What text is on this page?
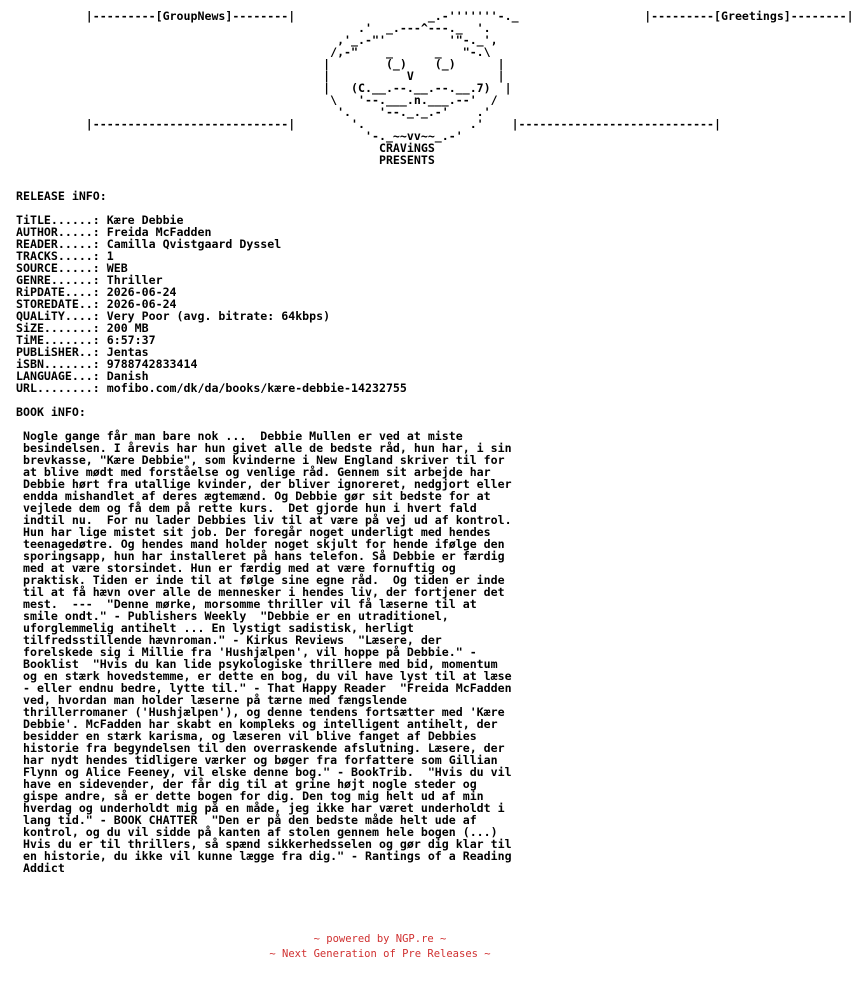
|---------[GroupNews]--------|                   _.-'''''''-._                  |---------[Greetings]--------|
.'  _.---^---._  '.
,'_.-"'         '"-._',
/,-"    _      _   "-.\
|        (_)    (_)      |
|           V            |
|   (C.__.--.__.--.__.7)  |
\   '--.___.n.___.--'  /
'.    '--._._.-'    .'
|----------------------------|        '.               .'    |----------------------------|
'-._~~vv~~_.-'
CRAViNGS
PRESENTS

RELEASE iNFO:

TiTLE......: Kære Debbie
AUTHOR.....: Freida McFadden
READER.....: Camilla Qvistgaard Dyssel
TRACKS.....: 1
SOURCE.....: WEB
GENRE......: Thriller
RiPDATE....: 2026-06-24
STOREDATE..: 2026-06-24
QUALiTY....: Very Poor (avg. bitrate: 64kbps)
SiZE.......: 200 MB
TiME.......: 6:57:37
PUBLiSHER..: Jentas
iSBN.......: 9788742833414
LANGUAGE...: Danish
URL........: mofibo.com/dk/da/books/kære-debbie-14232755

BOOK iNFO:

Nogle gange får man bare nok ...  Debbie Mullen er ved at miste
besindelsen. I årevis har hun givet alle de bedste råd, hun har, i sin
brevkasse, "Kære Debbie", som kvinderne i New England skriver til for
at blive mødt med forståelse og venlige råd. Gennem sit arbejde har
Debbie hørt fra utallige kvinder, der bliver ignoreret, nedgjort eller
endda mishandlet af deres ægtemænd. Og Debbie gør sit bedste for at
vejlede dem og få dem på rette kurs.  Det gjorde hun i hvert fald
indtil nu.  For nu lader Debbies liv til at være på vej ud af kontrol.
Hun har lige mistet sit job. Der foregår noget underligt med hendes
teenagedøtre. Og hendes mand holder noget skjult for hende ifølge den
sporingsapp, hun har installeret på hans telefon. Så Debbie er færdig
med at være storsindet. Hun er færdig med at være fornuftig og
praktisk. Tiden er inde til at følge sine egne råd.  Og tiden er inde
til at få hævn over alle de mennesker i hendes liv, der fortjener det
mest.  ---  "Denne mørke, morsomme thriller vil få læserne til at
smile ondt." - Publishers Weekly  "Debbie er en utraditionel,
uforglemmelig antihelt ... En lystigt sadistisk, herligt
tilfredsstillende hævnroman." - Kirkus Reviews  "Læsere, der
forelskede sig i Millie fra 'Hushjælpen', vil hoppe på Debbie." -
Booklist  "Hvis du kan lide psykologiske thrillere med bid, momentum
og en stærk hovedstemme, er dette en bog, du vil have lyst til at læse
- eller endnu bedre, lytte til." - That Happy Reader  "Freida McFadden
ved, hvordan man holder læserne på tærne med fængslende
thrillerromaner ('Hushjælpen'), og denne tendens fortsætter med 'Kære
Debbie'. McFadden har skabt en kompleks og intelligent antihelt, der
besidder en stærk karisma, og læseren vil blive fanget af Debbies
historie fra begyndelsen til den overraskende afslutning. Læsere, der
har nydt hendes tidligere værker og bøger fra forfattere som Gillian
Flynn og Alice Feeney, vil elske denne bog." - BookTrib.  "Hvis du vil
have en sidevender, der får dig til at grine højt nogle steder og
gispe andre, så er dette bogen for dig. Den tog mig helt ud af min
hverdag og underholdt mig på en måde, jeg ikke har været underholdt i
lang tid." - BOOK CHATTER  "Den er på den bedste måde helt ude af
kontrol, og du vil sidde på kanten af stolen gennem hele bogen (...)
Hvis du er til thrillers, så spænd sikkerhedsselen og gør dig klar til
en historie, du ikke vil kunne lægge fra dig." - Rantings of a Reading
Addict
~ powered by NGP.re ~
~ Next Generation of Pre Releases ~
